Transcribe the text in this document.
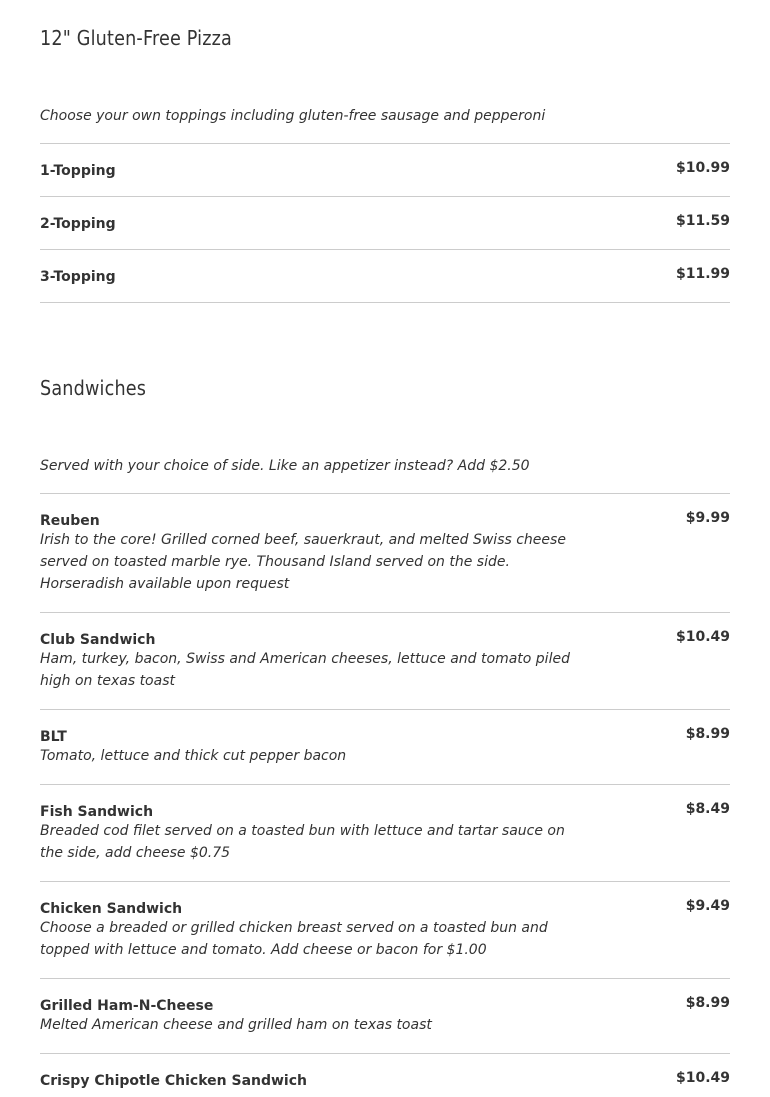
12" Gluten-Free Pizza

Choose your own toppings including gluten-free sausage and pepperoni

1-Topping	$10.99
2-Topping	$11.59
3-Topping	$11.99
Sandwiches

Served with your choice of side. Like an appetizer instead? Add $2.50

Reuben	$9.99
Irish to the core! Grilled corned beef, sauerkraut, and melted Swiss cheese served on toasted marble rye. Thousand Island served on the side. Horseradish available upon request
Club Sandwich	$10.49
Ham, turkey, bacon, Swiss and American cheeses, lettuce and tomato piled high on texas toast
BLT	$8.99
Tomato, lettuce and thick cut pepper bacon
Fish Sandwich	$8.49
Breaded cod filet served on a toasted bun with lettuce and tartar sauce on the side, add cheese $0.75
Chicken Sandwich	$9.49
Choose a breaded or grilled chicken breast served on a toasted bun and topped with lettuce and tomato. Add cheese or bacon for $1.00
Grilled Ham-N-Cheese	$8.99
Melted American cheese and grilled ham on texas toast
Crispy Chipotle Chicken Sandwich	$10.49
